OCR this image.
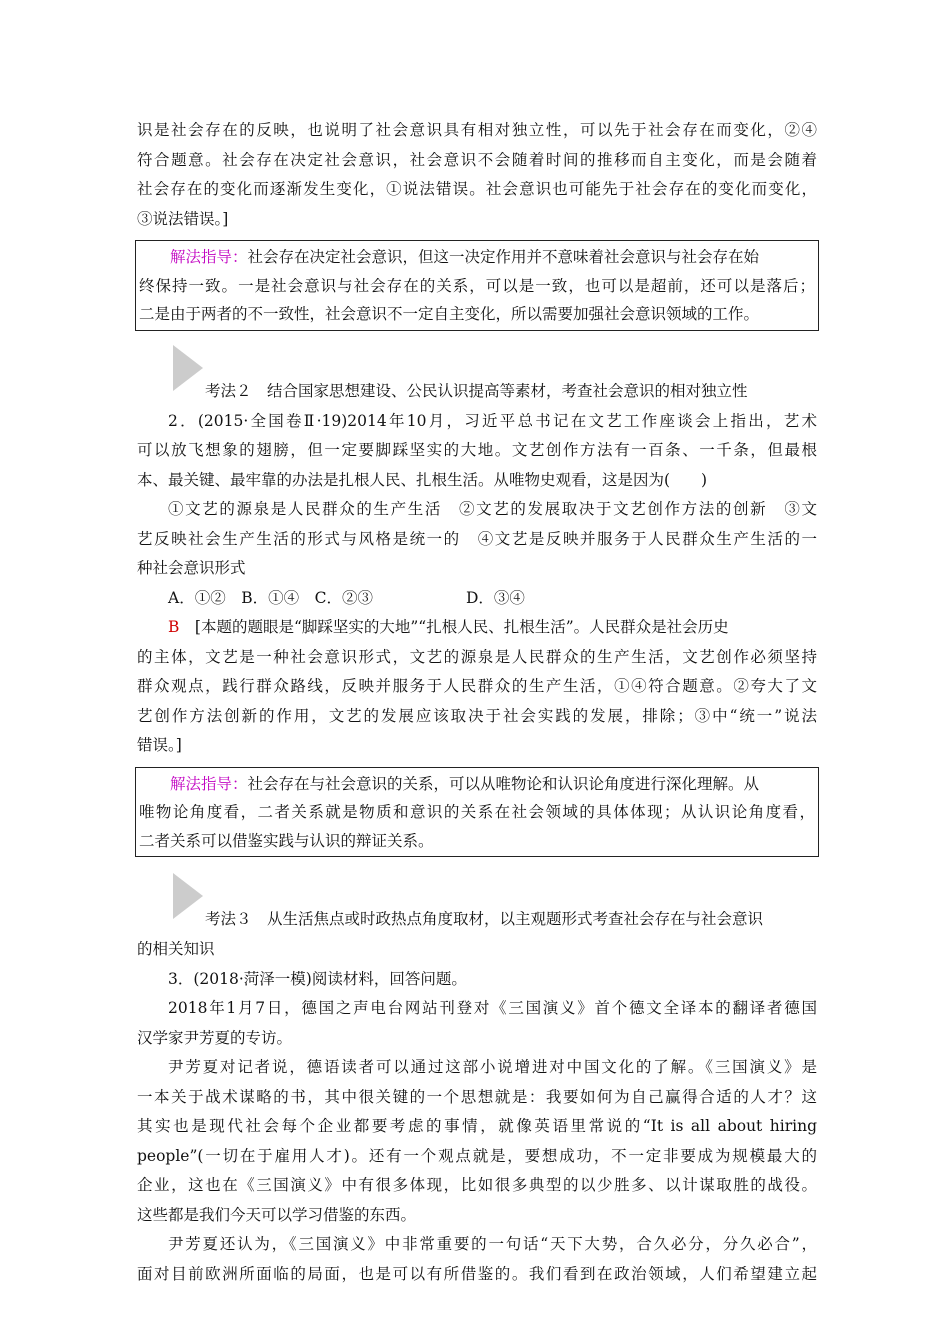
识是社会存在的反映，也说明了社会意识具有相对独立性，可以先于社会存在而变化，②④
符合题意。社会存在决定社会意识，社会意识不会随着时间的推移而自主变化，而是会随着
社会存在的变化而逐渐发生变化，①说法错误。社会意识也可能先于社会存在的变化而变化，
③说法错误。]
解法指导：社会存在决定社会意识，但这一决定作用并不意味着社会意识与社会存在始
终保持一致。一是社会意识与社会存在的关系，可以是一致，也可以是超前，还可以是落后；
二是由于两者的不一致性，社会意识不一定自主变化，所以需要加强社会意识领域的工作。
考法２　结合国家思想建设、公民认识提高等素材，考查社会意识的相对独立性
2．(2015·全国卷Ⅱ·19)2014年10月，习近平总书记在文艺工作座谈会上指出，艺术
可以放飞想象的翅膀，但一定要脚踩坚实的大地。文艺创作方法有一百条、一千条，但最根
本、最关键、最牢靠的办法是扎根人民、扎根生活。从唯物史观看，这是因为(　　)
①文艺的源泉是人民群众的生产生活　②文艺的发展取决于文艺创作方法的创新　③文
艺反映社会生产生活的形式与风格是统一的　④文艺是反映并服务于人民群众生产生活的一
种社会意识形式
A．①②　B．①④　C．②③　　　　　　D．③④
B　[本题的题眼是“脚踩坚实的大地”“扎根人民、扎根生活”。人民群众是社会历史
的主体，文艺是一种社会意识形式，文艺的源泉是人民群众的生产生活，文艺创作必须坚持
群众观点，践行群众路线，反映并服务于人民群众的生产生活，①④符合题意。②夸大了文
艺创作方法创新的作用，文艺的发展应该取决于社会实践的发展，排除；③中“统一”说法
错误。]
解法指导：社会存在与社会意识的关系，可以从唯物论和认识论角度进行深化理解。从
唯物论角度看，二者关系就是物质和意识的关系在社会领域的具体体现；从认识论角度看，
二者关系可以借鉴实践与认识的辩证关系。
考法３　从生活焦点或时政热点角度取材，以主观题形式考查社会存在与社会意识
的相关知识
3．(2018·菏泽一模)阅读材料，回答问题。
2018年1月7日，德国之声电台网站刊登对《三国演义》首个德文全译本的翻译者德国
汉学家尹芳夏的专访。
尹芳夏对记者说，德语读者可以通过这部小说增进对中国文化的了解。《三国演义》是
一本关于战术谋略的书，其中很关键的一个思想就是：我要如何为自己赢得合适的人才？这
其实也是现代社会每个企业都要考虑的事情，就像英语里常说的“It is all about hiring
people”(一切在于雇用人才)。还有一个观点就是，要想成功，不一定非要成为规模最大的
企业，这也在《三国演义》中有很多体现，比如很多典型的以少胜多、以计谋取胜的战役。
这些都是我们今天可以学习借鉴的东西。
尹芳夏还认为，《三国演义》中非常重要的一句话“天下大势，合久必分，分久必合”，
面对目前欧洲所面临的局面，也是可以有所借鉴的。我们看到在政治领域，人们希望建立起
